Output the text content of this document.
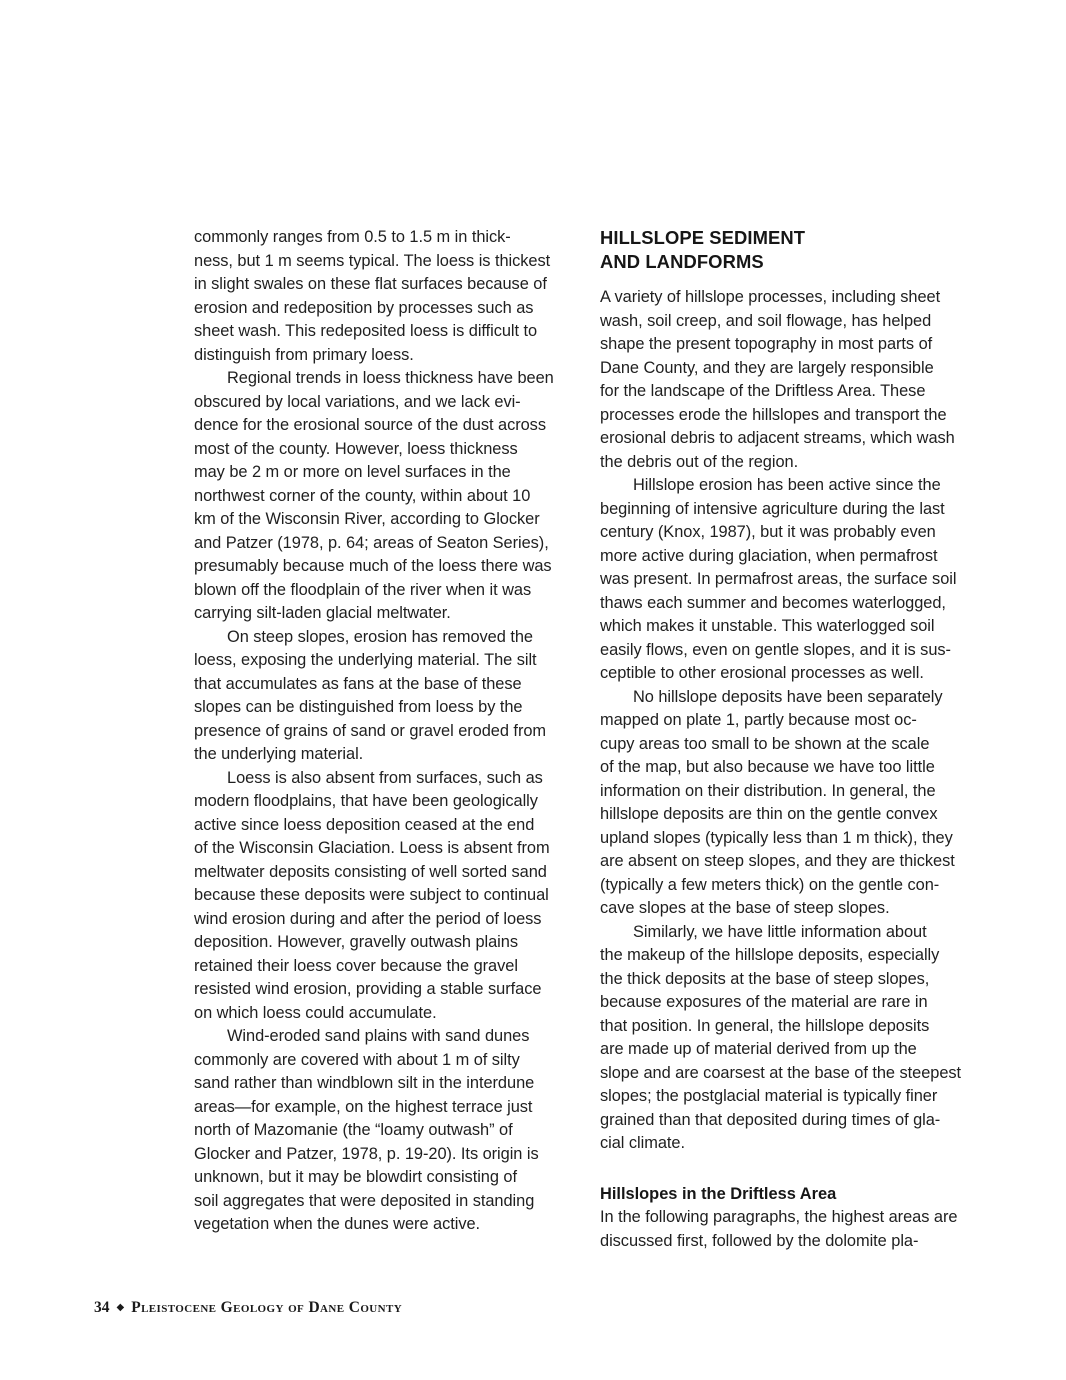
commonly ranges from 0.5 to 1.5 m in thick-
ness, but 1 m seems typical. The loess is thickest
in slight swales on these flat surfaces because of
erosion and redeposition by processes such as
sheet wash. This redeposited loess is difficult to
distinguish from primary loess.
Regional trends in loess thickness have been
obscured by local variations, and we lack evi-
dence for the erosional source of the dust across
most of the county. However, loess thickness
may be 2 m or more on level surfaces in the
northwest corner of the county, within about 10
km of the Wisconsin River, according to Glocker
and Patzer (1978, p. 64; areas of Seaton Series),
presumably because much of the loess there was
blown off the floodplain of the river when it was
carrying silt-laden glacial meltwater.
On steep slopes, erosion has removed the
loess, exposing the underlying material. The silt
that accumulates as fans at the base of these
slopes can be distinguished from loess by the
presence of grains of sand or gravel eroded from
the underlying material.
Loess is also absent from surfaces, such as
modern floodplains, that have been geologically
active since loess deposition ceased at the end
of the Wisconsin Glaciation. Loess is absent from
meltwater deposits consisting of well sorted sand
because these deposits were subject to continual
wind erosion during and after the period of loess
deposition. However, gravelly outwash plains
retained their loess cover because the gravel
resisted wind erosion, providing a stable surface
on which loess could accumulate.
Wind-eroded sand plains with sand dunes
commonly are covered with about 1 m of silty
sand rather than windblown silt in the interdune
areas—for example, on the highest terrace just
north of Mazomanie (the “loamy outwash” of
Glocker and Patzer, 1978, p. 19-20). Its origin is
unknown, but it may be blowdirt consisting of
soil aggregates that were deposited in standing
vegetation when the dunes were active.
HILLSLOPE SEDIMENT
AND LANDFORMS
A variety of hillslope processes, including sheet
wash, soil creep, and soil flowage, has helped
shape the present topography in most parts of
Dane County, and they are largely responsible
for the landscape of the Driftless Area. These
processes erode the hillslopes and transport the
erosional debris to adjacent streams, which wash
the debris out of the region.
Hillslope erosion has been active since the
beginning of intensive agriculture during the last
century (Knox, 1987), but it was probably even
more active during glaciation, when permafrost
was present. In permafrost areas, the surface soil
thaws each summer and becomes waterlogged,
which makes it unstable. This waterlogged soil
easily flows, even on gentle slopes, and it is sus-
ceptible to other erosional processes as well.
No hillslope deposits have been separately
mapped on plate 1, partly because most oc-
cupy areas too small to be shown at the scale
of the map, but also because we have too little
information on their distribution. In general, the
hillslope deposits are thin on the gentle convex
upland slopes (typically less than 1 m thick), they
are absent on steep slopes, and they are thickest
(typically a few meters thick) on the gentle con-
cave slopes at the base of steep slopes.
Similarly, we have little information about
the makeup of the hillslope deposits, especially
the thick deposits at the base of steep slopes,
because exposures of the material are rare in
that position. In general, the hillslope deposits
are made up of material derived from up the
slope and are coarsest at the base of the steepest
slopes; the postglacial material is typically finer
grained than that deposited during times of gla-
cial climate.
Hillslopes in the Driftless Area
In the following paragraphs, the highest areas are
discussed first, followed by the dolomite pla-
34 ◆ Pleistocene Geology of Dane County
